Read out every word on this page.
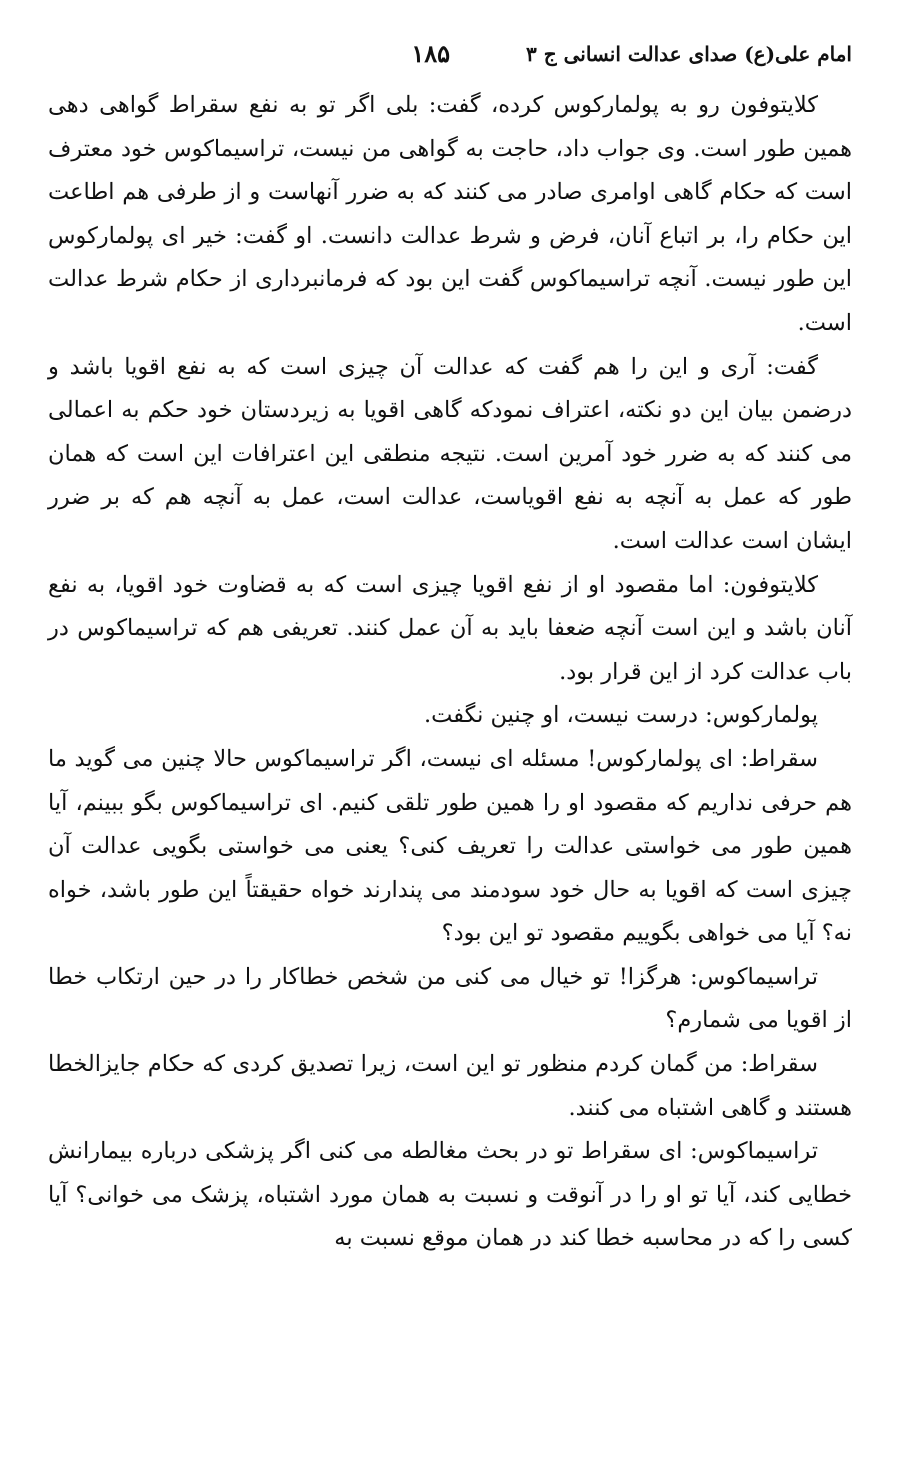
امام علی(ع) صدای عدالت انسانی ج ۳
۱۸۵

کلایتوفون رو به پولمارکوس کرده، گفت: بلی اگر تو به نفع سقراط گواهی دهی همین طور است. وی جواب داد، حاجت به گواهی من نیست، تراسیماکوس خود معترف است که حکام گاهی اوامری صادر می کنند که به ضرر آنهاست و از طرفی هم اطاعت این حکام را، بر اتباع آنان، فرض و شرط عدالت دانست. او گفت: خیر ای پولمارکوس این طور نیست. آنچه تراسیماکوس گفت این بود که فرمانبرداری از حکام شرط عدالت است.

گفت: آری و این را هم گفت که عدالت آن چیزی است که به نفع اقویا باشد و درضمن بیان این دو نکته، اعتراف نمودکه گاهی اقویا به زیردستان خود حکم به اعمالی می کنند که به ضرر خود آمرین است. نتیجه منطقی این اعترافات این است که همان طور که عمل به آنچه به نفع اقویاست، عدالت است، عمل به آنچه هم که بر ضرر ایشان است عدالت است.

کلایتوفون: اما مقصود او از نفع اقویا چیزی است که به قضاوت خود اقویا، به نفع آنان باشد و این است آنچه ضعفا باید به آن عمل کنند. تعریفی هم که تراسیماکوس در باب عدالت کرد از این قرار بود.

پولمارکوس: درست نیست، او چنین نگفت.

سقراط: ای پولمارکوس! مسئله ای نیست، اگر تراسیماکوس حالا چنین می گوید ما هم حرفی نداریم که مقصود او را همین طور تلقی کنیم. ای تراسیماکوس بگو ببینم، آیا همین طور می خواستی عدالت را تعریف کنی؟ یعنی می خواستی بگویی عدالت آن چیزی است که اقویا به حال خود سودمند می پندارند خواه حقیقتاً این طور باشد، خواه نه؟ آیا می خواهی بگوییم مقصود تو این بود؟

تراسیماکوس: هرگزا! تو خیال می کنی من شخص خطاکار را در حین ارتکاب خطا از اقویا می شمارم؟

سقراط: من گمان کردم منظور تو این است، زیرا تصدیق کردی که حکام جایزالخطا هستند و گاهی اشتباه می کنند.

تراسیماکوس: ای سقراط تو در بحث مغالطه می کنی اگر پزشکی درباره بیمارانش خطایی کند، آیا تو او را در آنوقت و نسبت به همان مورد اشتباه، پزشک می خوانی؟ آیا کسی را که در محاسبه خطا کند در همان موقع نسبت به
